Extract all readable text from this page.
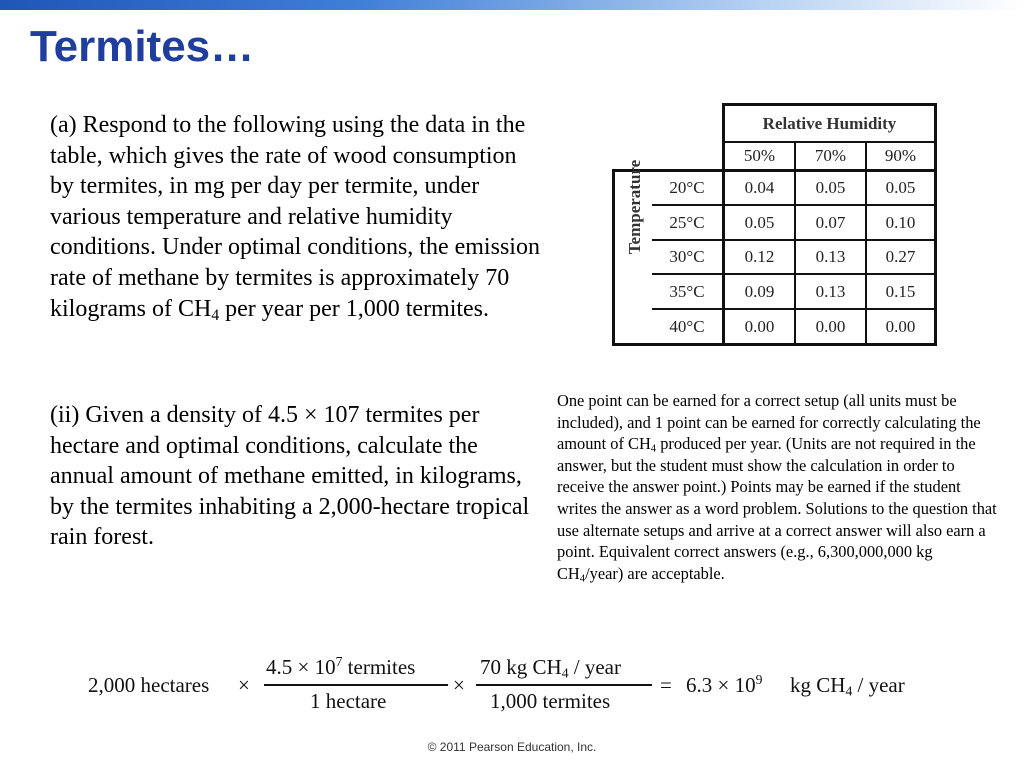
Termites…

(a) Respond to the following using the data in the table, which gives the rate of wood consumption by termites, in mg per day per termite, under various temperature and relative humidity conditions. Under optimal conditions, the emission rate of methane by termites is approximately 70 kilograms of $CH_4$ per year per 1,000 termites.

(ii) Given a density of 4.5 × 107 termites per hectare and optimal conditions, calculate the annual amount of methane emitted, in kilograms, by the termites inhabiting a 2,000-hectare tropical rain forest.

One point can be earned for a correct setup (all units must be included), and 1 point can be earned for correctly calculating the amount of $CH_4$ produced per year. (Units are not required in the answer, but the student must show the calculation in order to receive the answer point.) Points may be earned if the student writes the answer as a word problem. Solutions to the question that use alternate setups and arrive at a correct answer will also earn a point. Equivalent correct answers (e.g., 6,300,000,000 kg $CH_4/year$) are acceptable.

Relative Humidity
50%	70%	90%
Temperature	20°C	0.04	0.05	0.05
25°C	0.05	0.07	0.10
30°C	0.12	0.13	0.27
35°C	0.09	0.13	0.15
40°C	0.00	0.00	0.00
2,000 hectares ×
$4.5 \times 10^7$ termites
1 hectare
×
70 kg $CH_4$ / year
1,000 termites
= $6.3 \times 10^9$ kg $CH_4$ / year
© 2011 Pearson Education, Inc.
